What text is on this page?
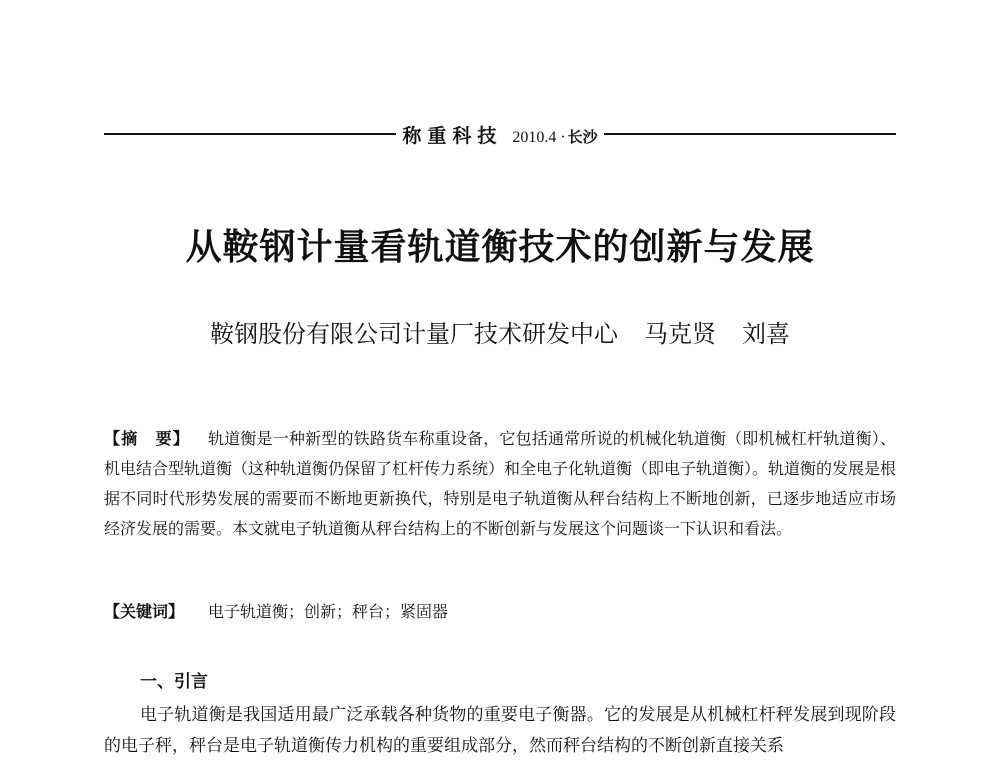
称重科技 2010.4 · 长沙
从鞍钢计量看轨道衡技术的创新与发展
鞍钢股份有限公司计量厂技术研发中心 马克贤 刘喜
【摘　要】 轨道衡是一种新型的铁路货车称重设备，它包括通常所说的机械化轨道衡（即机械杠杆轨道衡）、机电结合型轨道衡（这种轨道衡仍保留了杠杆传力系统）和全电子化轨道衡（即电子轨道衡）。轨道衡的发展是根据不同时代形势发展的需要而不断地更新换代，特别是电子轨道衡从秤台结构上不断地创新，已逐步地适应市场经济发展的需要。本文就电子轨道衡从秤台结构上的不断创新与发展这个问题谈一下认识和看法。
【关键词】 电子轨道衡；创新；秤台；紧固器
一、引言
电子轨道衡是我国适用最广泛承载各种货物的重要电子衡器。它的发展是从机械杠杆秤发展到现阶段的电子秤，秤台是电子轨道衡传力机构的重要组成部分，然而秤台结构的不断创新直接关系
